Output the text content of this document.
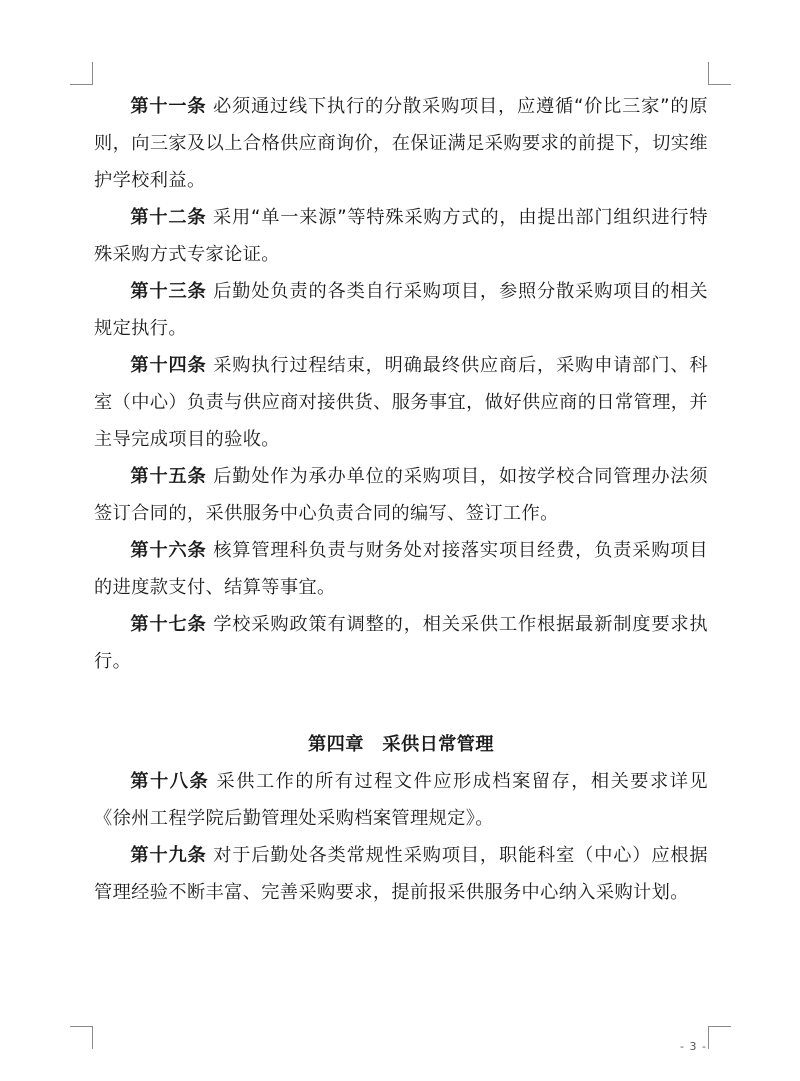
第十一条 必须通过线下执行的分散采购项目，应遵循“价比三家”的原则，向三家及以上合格供应商询价，在保证满足采购要求的前提下，切实维护学校利益。

第十二条 采用“单一来源”等特殊采购方式的，由提出部门组织进行特殊采购方式专家论证。

第十三条 后勤处负责的各类自行采购项目，参照分散采购项目的相关规定执行。

第十四条 采购执行过程结束，明确最终供应商后，采购申请部门、科室（中心）负责与供应商对接供货、服务事宜，做好供应商的日常管理，并主导完成项目的验收。

第十五条 后勤处作为承办单位的采购项目，如按学校合同管理办法须签订合同的，采供服务中心负责合同的编写、签订工作。

第十六条 核算管理科负责与财务处对接落实项目经费，负责采购项目的进度款支付、结算等事宜。

第十七条 学校采购政策有调整的，相关采供工作根据最新制度要求执行。

第四章　采供日常管理

第十八条 采供工作的所有过程文件应形成档案留存，相关要求详见《徐州工程学院后勤管理处采购档案管理规定》。

第十九条 对于后勤处各类常规性采购项目，职能科室（中心）应根据管理经验不断丰富、完善采购要求，提前报采供服务中心纳入采购计划。

- 3 -
